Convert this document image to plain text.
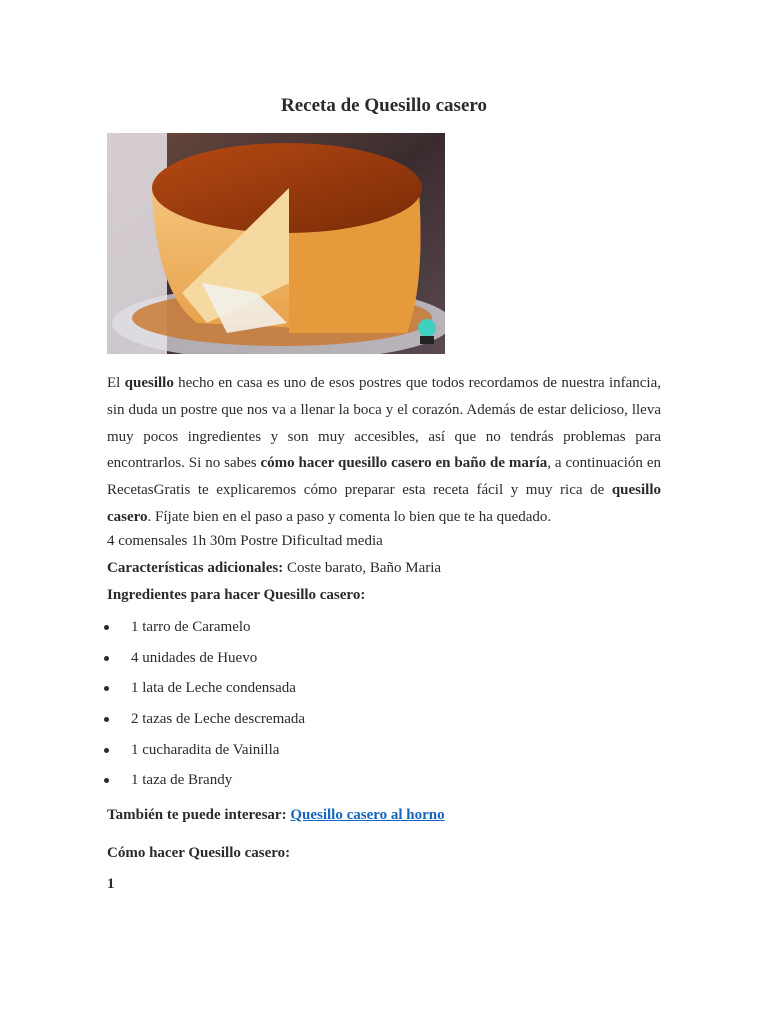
Receta de Quesillo casero

El quesillo hecho en casa es uno de esos postres que todos recordamos de nuestra infancia, sin duda un postre que nos va a llenar la boca y el corazón. Además de estar delicioso, lleva muy pocos ingredientes y son muy accesibles, así que no tendrás problemas para encontrarlos. Si no sabes cómo hacer quesillo casero en baño de maría, a continuación en RecetasGratis te explicaremos cómo preparar esta receta fácil y muy rica de quesillo casero. Fíjate bien en el paso a paso y comenta lo bien que te ha quedado.

4 comensales 1h 30m Postre Dificultad media

Características adicionales: Coste barato, Baño Maria

Ingredientes para hacer Quesillo casero:

1 tarro de Caramelo
4 unidades de Huevo
1 lata de Leche condensada
2 tazas de Leche descremada
1 cucharadita de Vainilla
1 taza de Brandy

También te puede interesar: Quesillo casero al horno

Cómo hacer Quesillo casero:

1
